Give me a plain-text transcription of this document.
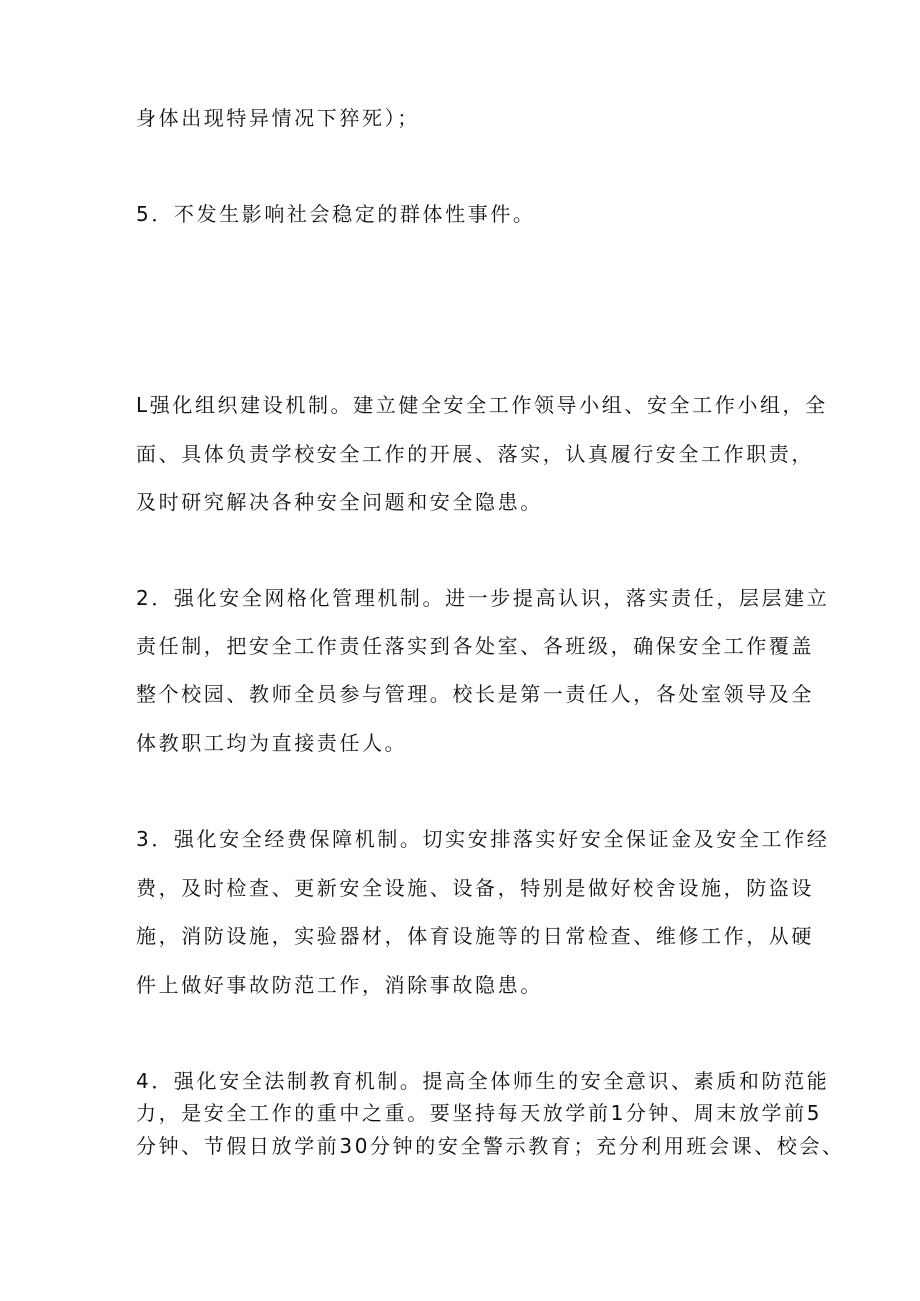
身体出现特异情况下猝死）；
5．不发生影响社会稳定的群体性事件。
L强化组织建设机制。建立健全安全工作领导小组、安全工作小组，全
面、具体负责学校安全工作的开展、落实，认真履行安全工作职责，
及时研究解决各种安全问题和安全隐患。
2．强化安全网格化管理机制。进一步提高认识，落实责任，层层建立
责任制，把安全工作责任落实到各处室、各班级，确保安全工作覆盖
整个校园、教师全员参与管理。校长是第一责任人，各处室领导及全
体教职工均为直接责任人。
3．强化安全经费保障机制。切实安排落实好安全保证金及安全工作经
费，及时检查、更新安全设施、设备，特别是做好校舍设施，防盗设
施，消防设施，实验器材，体育设施等的日常检查、维修工作，从硬
件上做好事故防范工作，消除事故隐患。
4．强化安全法制教育机制。提高全体师生的安全意识、素质和防范能
力，是安全工作的重中之重。要坚持每天放学前1分钟、周末放学前5
分钟、节假日放学前30分钟的安全警示教育；充分利用班会课、校会、
